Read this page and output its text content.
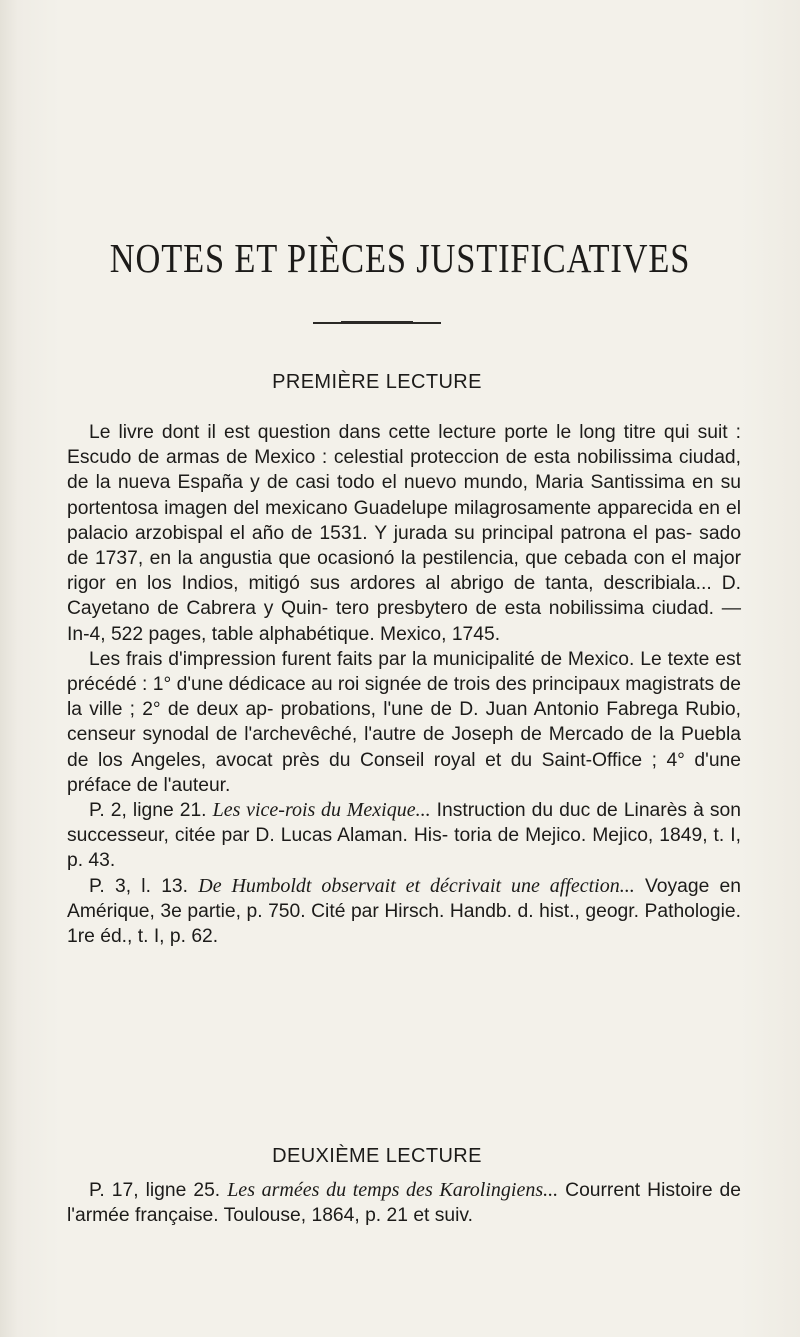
NOTES ET PIÈCES JUSTIFICATIVES
PREMIÈRE LECTURE

Le livre dont il est question dans cette lecture porte le long titre qui suit : Escudo de armas de Mexico : celestial proteccion de esta nobilissima ciudad, de la nueva España y de casi todo el nuevo mundo, Maria Santissima en su portentosa imagen del mexicano Guadelupe milagrosamente apparecida en el palacio arzobispal el año de 1531. Y jurada su principal patrona el pas- sado de 1737, en la angustia que ocasionó la pestilencia, que cebada con el major rigor en los Indios, mitigó sus ardores al abrigo de tanta, describiala... D. Cayetano de Cabrera y Quin- tero presbytero de esta nobilissima ciudad. — In-4, 522 pages, table alphabétique. Mexico, 1745.

Les frais d'impression furent faits par la municipalité de Mexico. Le texte est précédé : 1° d'une dédicace au roi signée de trois des principaux magistrats de la ville ; 2° de deux ap- probations, l'une de D. Juan Antonio Fabrega Rubio, censeur synodal de l'archevêché, l'autre de Joseph de Mercado de la Puebla de los Angeles, avocat près du Conseil royal et du Saint-Office ; 4° d'une préface de l'auteur.

P. 2, ligne 21. Les vice-rois du Mexique... Instruction du duc de Linarès à son successeur, citée par D. Lucas Alaman. His- toria de Mejico. Mejico, 1849, t. I, p. 43.

P. 3, l. 13. De Humboldt observait et décrivait une affection... Voyage en Amérique, 3e partie, p. 750. Cité par Hirsch. Handb. d. hist., geogr. Pathologie. 1re éd., t. I, p. 62.

DEUXIÈME LECTURE

P. 17, ligne 25. Les armées du temps des Karolingiens... Courrent Histoire de l'armée française. Toulouse, 1864, p. 21 et suiv.
